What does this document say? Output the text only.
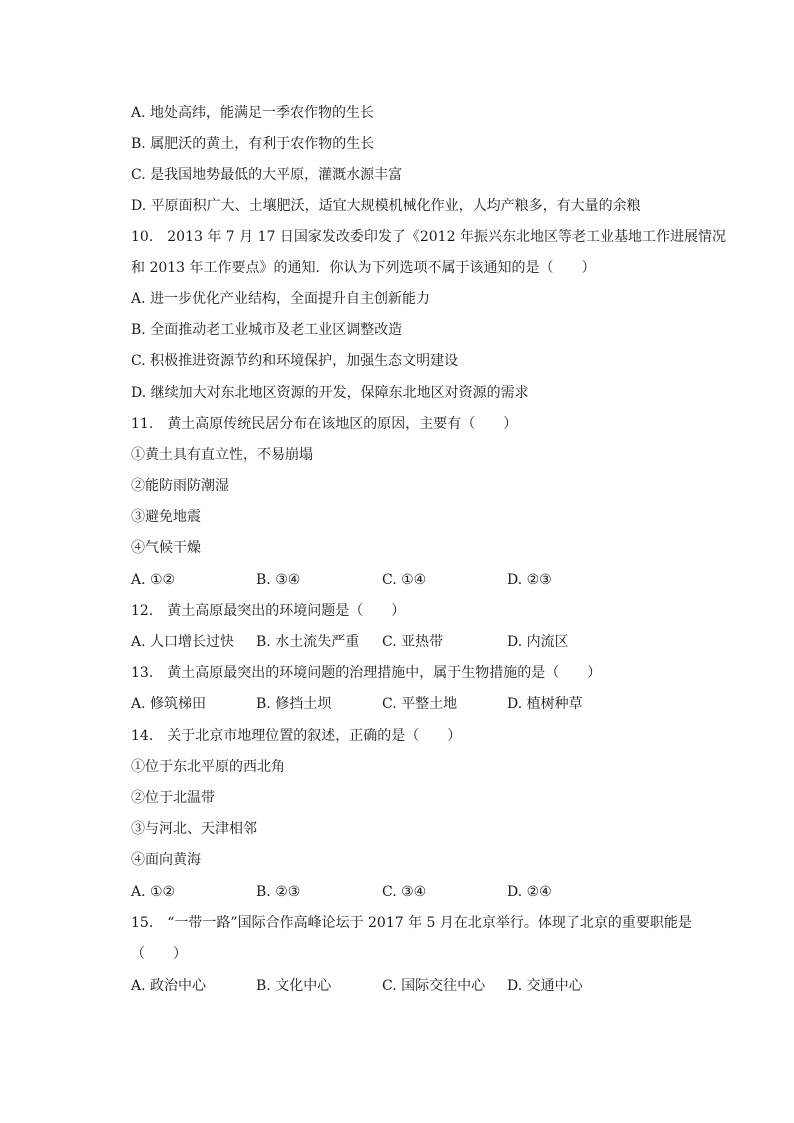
A. 地处高纬，能满足一季农作物的生长
B. 属肥沃的黄土，有利于农作物的生长
C. 是我国地势最低的大平原，灌溉水源丰富
D. 平原面积广大、土壤肥沃，适宜大规模机械化作业，人均产粮多，有大量的余粮
10.　2013 年 7 月 17 日国家发改委印发了《2012 年振兴东北地区等老工业基地工作进展情况
和 2013 年工作要点》的通知．你认为下列选项不属于该通知的是（　　）
A. 进一步优化产业结构，全面提升自主创新能力
B. 全面推动老工业城市及老工业区调整改造
C. 积极推进资源节约和环境保护，加强生态文明建设
D. 继续加大对东北地区资源的开发，保障东北地区对资源的需求
11.　黄土高原传统民居分布在该地区的原因，主要有（　　）
①黄土具有直立性，不易崩塌
②能防雨防潮湿
③避免地震
④气候干燥
A. ①②	B. ③④	C. ①④	D. ②③
12.　黄土高原最突出的环境问题是（　　）
A. 人口增长过快 B. 水土流失严重 C. 亚热带	D. 内流区
13.　黄土高原最突出的环境问题的治理措施中，属于生物措施的是（　　）
A. 修筑梯田	B. 修挡土坝	C. 平整土地	D. 植树种草
14.　关于北京市地理位置的叙述，正确的是（　　）
①位于东北平原的西北角
②位于北温带
③与河北、天津相邻
④面向黄海
A. ①②	B. ②③	C. ③④	D. ②④
15.　“一带一路”国际合作高峰论坛于 2017 年 5 月在北京举行。体现了北京的重要职能是
（　　）
A. 政治中心	B. 文化中心	C. 国际交往中心 D. 交通中心
